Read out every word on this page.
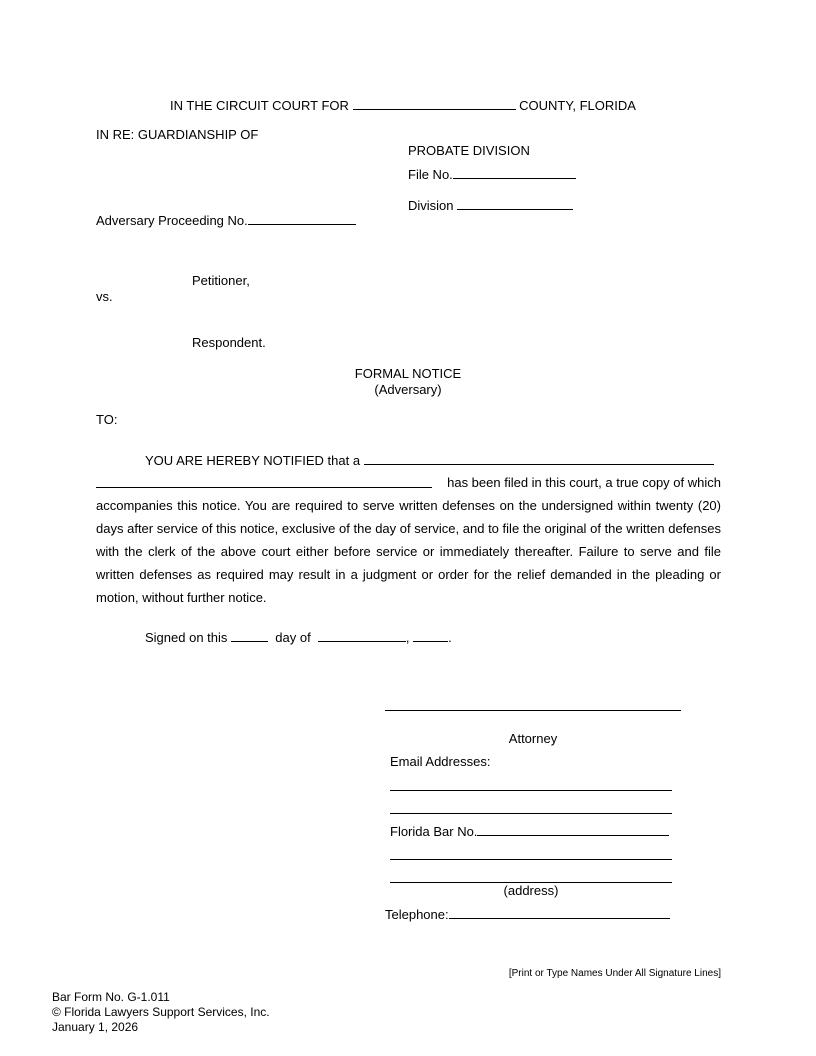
IN THE CIRCUIT COURT FOR	COUNTY, FLORIDA
IN RE: GUARDIANSHIP OF
Adversary Proceeding No.
Petitioner,
vs.
Respondent.
PROBATE DIVISION
File No.
Division
FORMAL NOTICE
(Adversary)
TO:
YOU ARE HEREBY NOTIFIED that a
has been filed in this court, a true copy of which
accompanies this notice. You are required to serve written defenses on the undersigned within twenty (20) days after service of this notice, exclusive of the day of service, and to file the original of the written defenses with the clerk of the above court either before service or immediately thereafter. Failure to serve and file written defenses as required may result in a judgment or order for the relief demanded in the pleading or motion, without further notice.
Signed on this	day of	,	.
Attorney
Email Addresses:
Florida Bar No.
(address)
Telephone:
[Print or Type Names Under All Signature Lines]
Bar Form No. G-1.011
© Florida Lawyers Support Services, Inc.
January 1, 2026
